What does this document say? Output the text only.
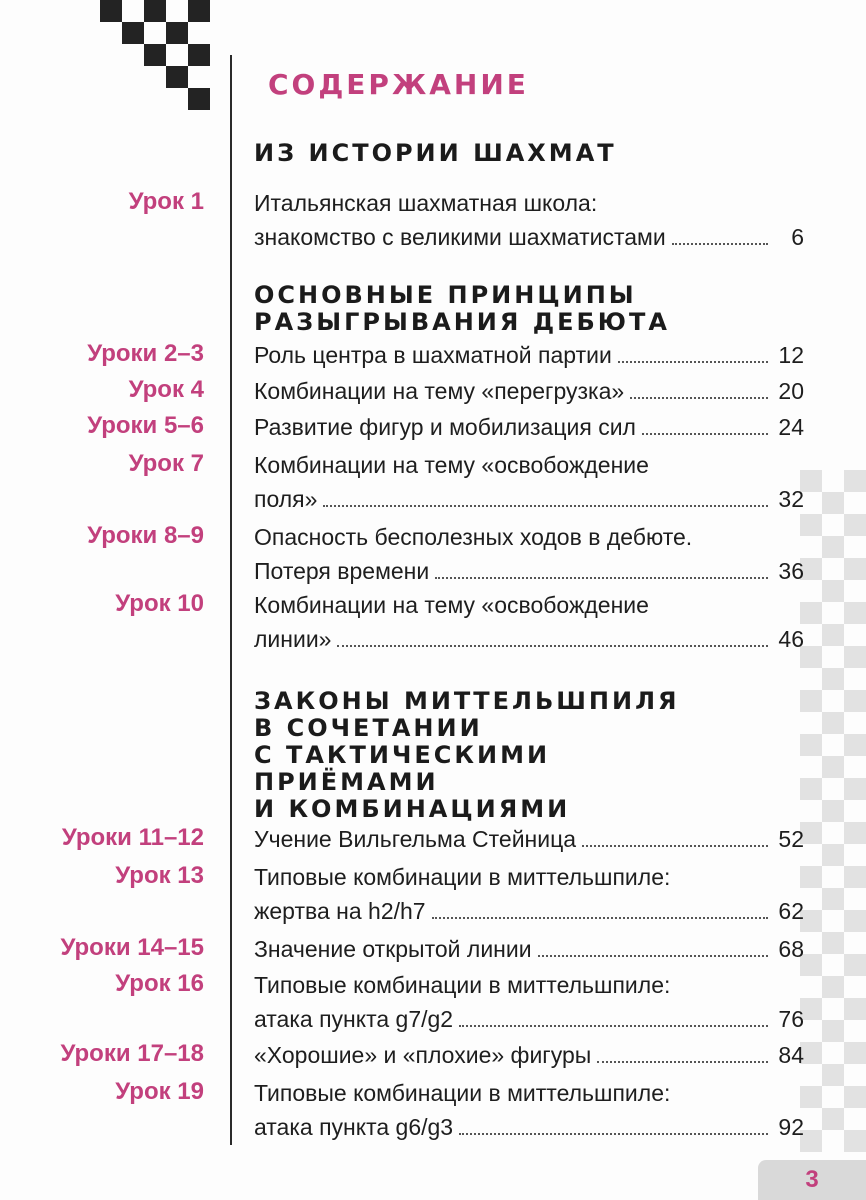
СОДЕРЖАНИЕ
ИЗ ИСТОРИИ ШАХМАТ
ОСНОВНЫЕ ПРИНЦИПЫ
РАЗЫГРЫВАНИЯ ДЕБЮТА
ЗАКОНЫ МИТТЕЛЬШПИЛЯ
В СОЧЕТАНИИ
С ТАКТИЧЕСКИМИ
ПРИЁМАМИ
И КОМБИНАЦИЯМИ
Урок 1 Итальянская шахматная школа:
знакомство с великими шахматистами	6
Уроки 2–3 Роль центра в шахматной партии	12
Урок 4 Комбинации на тему «перегрузка»	20
Уроки 5–6 Развитие фигур и мобилизация сил	24
Урок 7 Комбинации на тему «освобождение
поля»	32
Уроки 8–9 Опасность бесполезных ходов в дебюте.
Потеря времени	36
Урок 10 Комбинации на тему «освобождение
линии»	46
Уроки 11–12 Учение Вильгельма Стейница	52
Урок 13 Типовые комбинации в миттельшпиле:
жертва на h2/h7	62
Уроки 14–15 Значение открытой линии	68
Урок 16 Типовые комбинации в миттельшпиле:
атака пункта g7/g2	76
Уроки 17–18 «Хорошие» и «плохие» фигуры	84
Урок 19 Типовые комбинации в миттельшпиле:
атака пункта g6/g3	92
3
